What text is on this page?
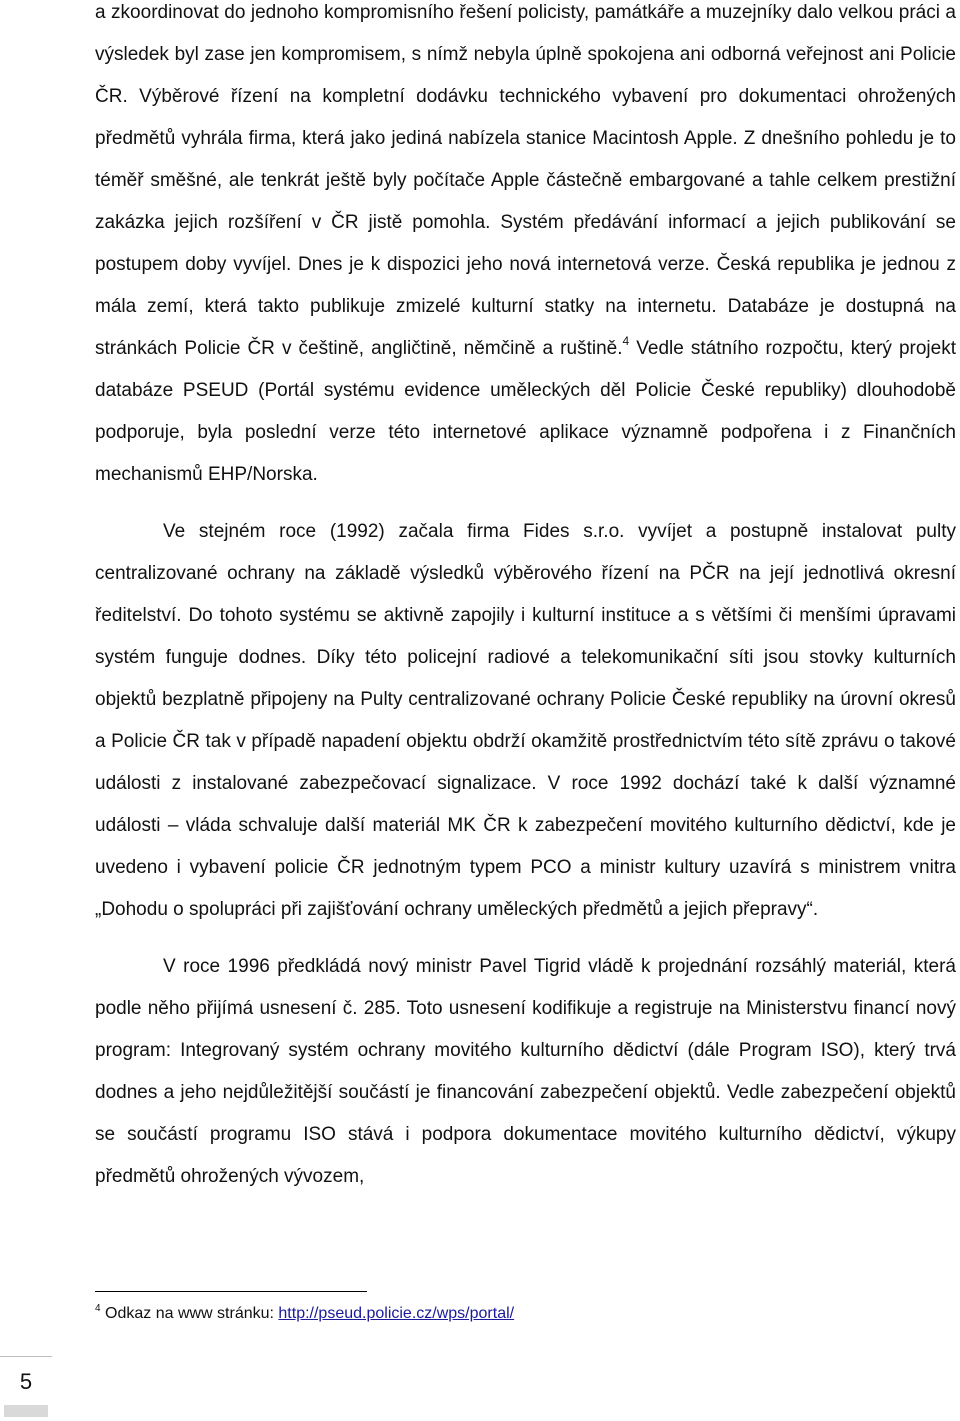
a zkoordinovat do jednoho kompromisního řešení policisty, památkáře a muzejníky dalo velkou práci a výsledek byl zase jen kompromisem, s nímž nebyla úplně spokojena ani odborná veřejnost ani Policie ČR. Výběrové řízení na kompletní dodávku technického vybavení pro dokumentaci ohrožených předmětů vyhrála firma, která jako jediná nabízela stanice Macintosh Apple. Z dnešního pohledu je to téměř směšné, ale tenkrát ještě byly počítače Apple částečně embargované a tahle celkem prestižní zakázka jejich rozšíření v ČR jistě pomohla. Systém předávání informací a jejich publikování se postupem doby vyvíjel. Dnes je k dispozici jeho nová internetová verze. Česká republika je jednou z mála zemí, která takto publikuje zmizelé kulturní statky na internetu. Databáze je dostupná na stránkách Policie ČR v češtině, angličtině, němčině a ruštině.$^4$ Vedle státního rozpočtu, který projekt databáze PSEUD (Portál systému evidence uměleckých děl Policie České republiky) dlouhodobě podporuje, byla poslední verze této internetové aplikace významně podpořena i z Finančních mechanismů EHP/Norska.

Ve stejném roce (1992) začala firma Fides s.r.o. vyvíjet a postupně instalovat pulty centralizované ochrany na základě výsledků výběrového řízení na PČR na její jednotlivá okresní ředitelství. Do tohoto systému se aktivně zapojily i kulturní instituce a s většími či menšími úpravami systém funguje dodnes. Díky této policejní radiové a telekomunikační síti jsou stovky kulturních objektů bezplatně připojeny na Pulty centralizované ochrany Policie České republiky na úrovní okresů a Policie ČR tak v případě napadení objektu obdrží okamžitě prostřednictvím této sítě zprávu o takové události z instalované zabezpečovací signalizace. V roce 1992 dochází také k další významné události – vláda schvaluje další materiál MK ČR k zabezpečení movitého kulturního dědictví, kde je uvedeno i vybavení policie ČR jednotným typem PCO a ministr kultury uzavírá s ministrem vnitra „Dohodu o spolupráci při zajišťování ochrany uměleckých předmětů a jejich přepravy“.

V roce 1996 předkládá nový ministr Pavel Tigrid vládě k projednání rozsáhlý materiál, která podle něho přijímá usnesení č. 285. Toto usnesení kodifikuje a registruje na Ministerstvu financí nový program: Integrovaný systém ochrany movitého kulturního dědictví (dále Program ISO), který trvá dodnes a jeho nejdůležitější součástí je financování zabezpečení objektů. Vedle zabezpečení objektů se součástí programu ISO stává i podpora dokumentace movitého kulturního dědictví, výkupy předmětů ohrožených vývozem,

$^4$ Odkaz na www stránku: http://pseud.policie.cz/wps/portal/
5
